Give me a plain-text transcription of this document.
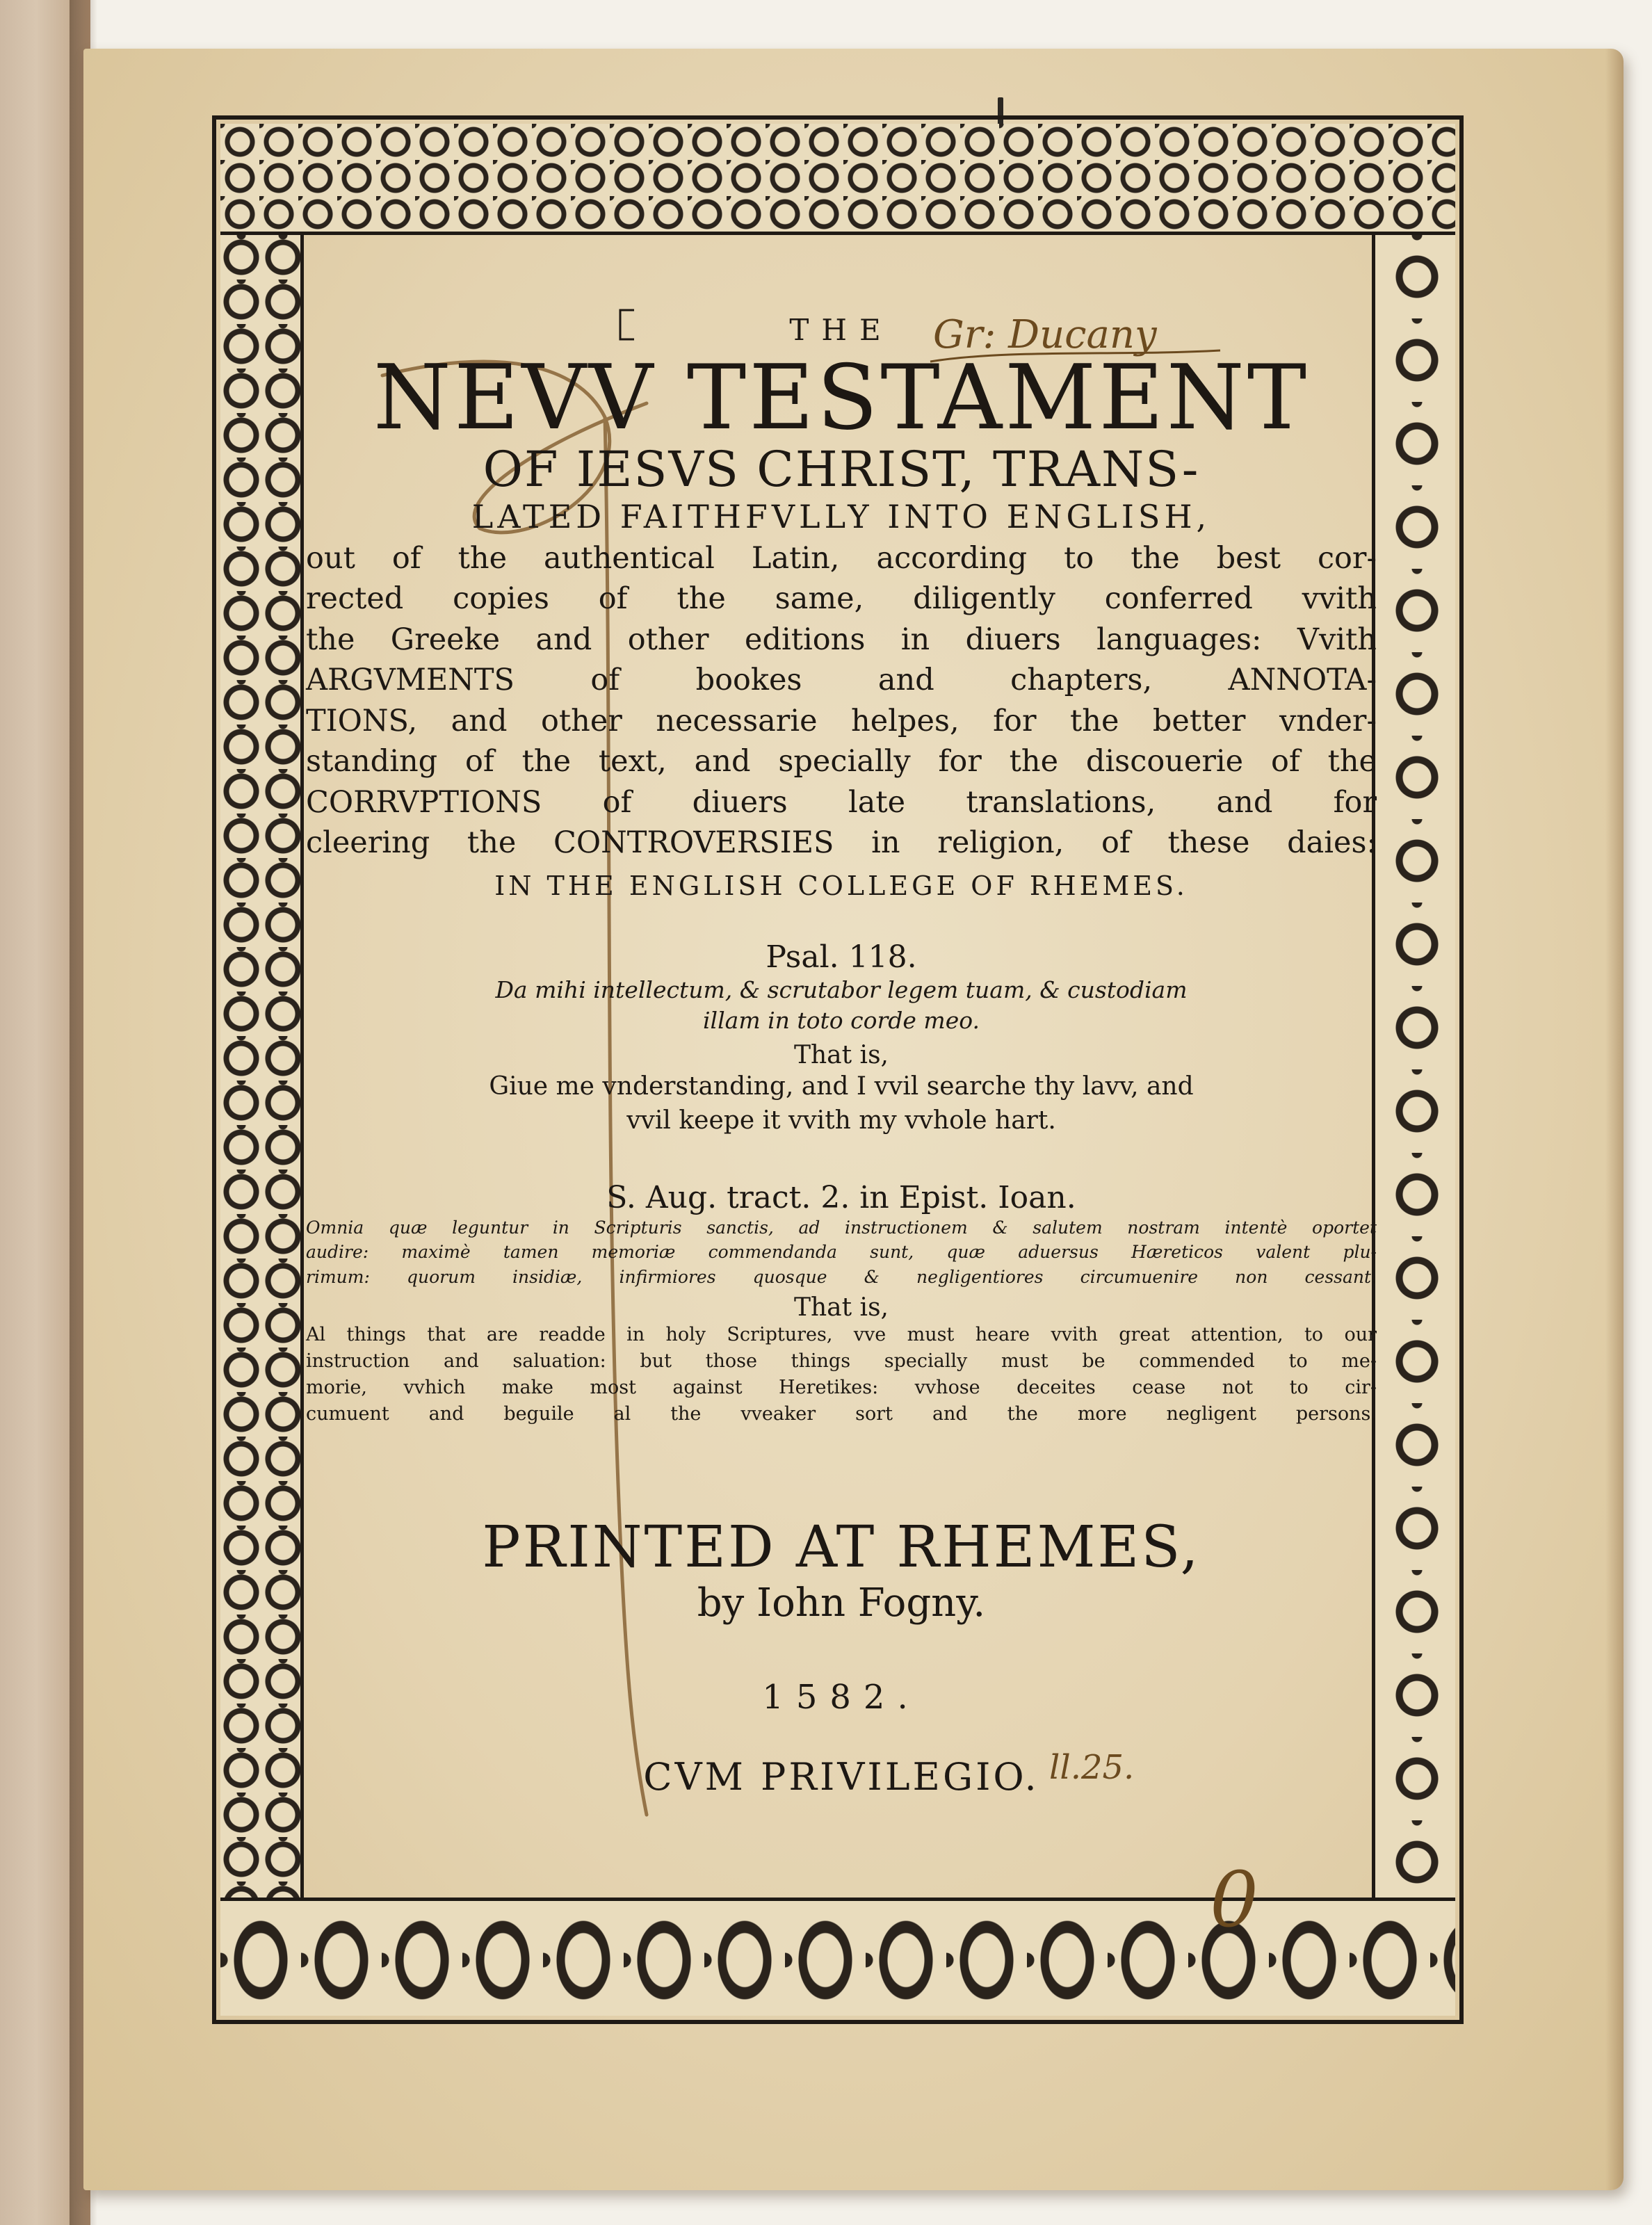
Gr: Ducany
ll.25.
0
THE
NEVV TESTAMENT
OF IESVS CHRIST, TRANS-
LATED FAITHFVLLY INTO ENGLISH,
out of the authentical Latin, according to the best cor-
rected copies of the same, diligently conferred vvith
the Greeke and other editions in diuers languages: Vvith
ARGVMENTS of bookes and chapters, ANNOTA-
TIONS, and other necessarie helpes, for the better vnder-
standing of the text, and specially for the discouerie of the
CORRVPTIONS of diuers late translations, and for
cleering the CONTROVERSIES in religion, of these daies:
IN THE ENGLISH COLLEGE OF RHEMES.
Psal. 118.
Da mihi intellectum, & scrutabor legem tuam, & custodiam
illam in toto corde meo.
That is,
Giue me vnderstanding, and I vvil searche thy lavv, and
vvil keepe it vvith my vvhole hart.
S. Aug. tract. 2. in Epist. Ioan.
Omnia quæ leguntur in Scripturis sanctis, ad instructionem & salutem nostram intentè oportet
audire: maximè tamen memoriæ commendanda sunt, quæ aduersus Hæreticos valent plu-
rimum: quorum insidiæ, infirmiores quosque & negligentiores circumuenire non cessant.
That is,
Al things that are readde in holy Scriptures, vve must heare vvith great attention, to our
instruction and saluation: but those things specially must be commended to me-
morie, vvhich make most against Heretikes: vvhose deceites cease not to cir-
cumuent and beguile al the vveaker sort and the more negligent persons.
PRINTED AT RHEMES,
by Iohn Fogny.
1582.
CVM PRIVILEGIO.
